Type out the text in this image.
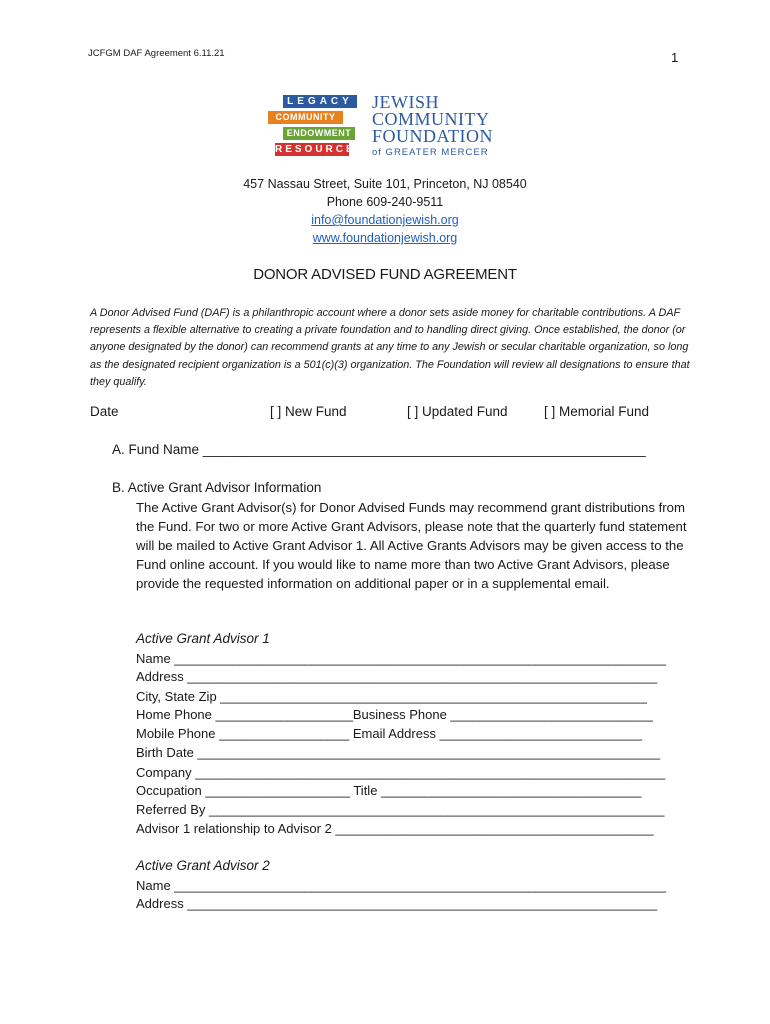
JCFGM DAF Agreement 6.11.21	1
LEGACY
COMMUNITY
ENDOWMENT
RESOURCE
JEWISH
COMMUNITY
FOUNDATION
of GREATER MERCER
457 Nassau Street, Suite 101, Princeton, NJ 08540
Phone 609-240-9511
info@foundationjewish.org
www.foundationjewish.org
DONOR ADVISED FUND AGREEMENT
A Donor Advised Fund (DAF) is a philanthropic account where a donor sets aside money for charitable contributions. A DAF represents a flexible alternative to creating a private foundation and to handling direct giving. Once established, the donor (or anyone designated by the donor) can recommend grants at any time to any Jewish or secular charitable organization, so long as the designated recipient organization is a 501(c)(3) organization. The Foundation will review all designations to ensure that they qualify.
Date	[ ] New Fund	[ ] Updated Fund	[ ] Memorial Fund
A. Fund Name ___________________________________________________________
B. Active Grant Advisor Information
The Active Grant Advisor(s) for Donor Advised Funds may recommend grant distributions from the Fund. For two or more Active Grant Advisors, please note that the quarterly fund statement will be mailed to Active Grant Advisor 1. All Active Grants Advisors may be given access to the Fund online account. If you would like to name more than two Active Grant Advisors, please provide the requested information on additional paper or in a supplemental email.
Active Grant Advisor 1
Name ____________________________________________________________________
Address _________________________________________________________________
City, State Zip ___________________________________________________________
Home Phone ___________________Business Phone ____________________________
Mobile Phone __________________ Email Address ____________________________
Birth Date ________________________________________________________________
Company _________________________________________________________________
Occupation ____________________ Title ____________________________________
Referred By _______________________________________________________________
Advisor 1 relationship to Advisor 2 ____________________________________________
Active Grant Advisor 2
Name ____________________________________________________________________
Address _________________________________________________________________
